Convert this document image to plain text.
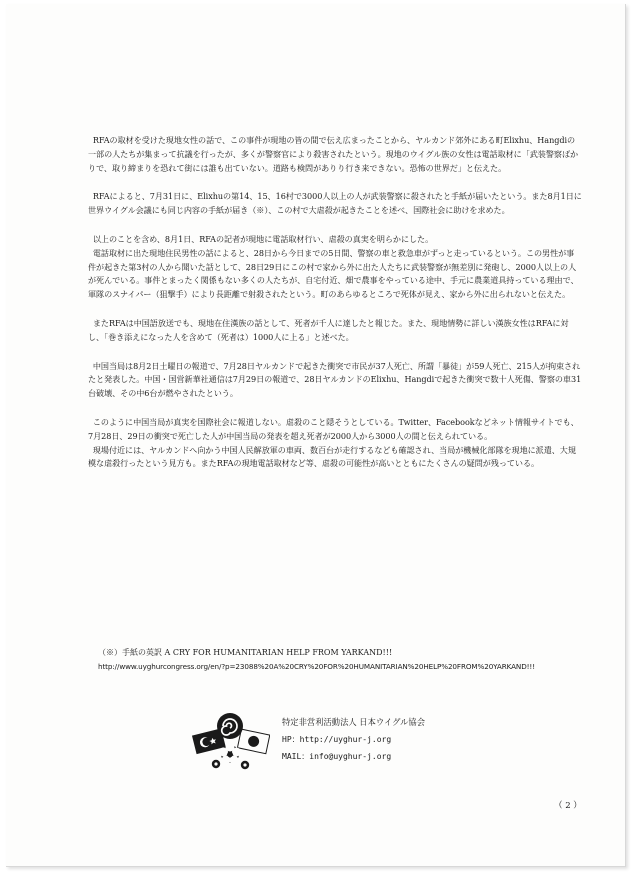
RFAの取材を受けた現地女性の話で、この事件が現地の皆の間で伝え広まったことから、ヤルカンド郊外にある町Elixhu、Hangdiの一部の人たちが集まって抗議を行ったが、多くが警察官により殺害されたという。現地のウイグル族の女性は電話取材に「武装警察ばかりで、取り締まりを恐れて街には誰も出ていない。道路も検問がありり行き来できない。恐怖の世界だ」と伝えた。

RFAによると、7月31日に、Elixhuの第14、15、16村で3000人以上の人が武装警察に殺されたと手紙が届いたという。また8月1日に世界ウイグル会議にも同じ内容の手紙が届き（※）、この村で大虐殺が起きたことを述べ、国際社会に助けを求めた。

以上のことを含め、8月1日、RFAの記者が現地に電話取材行い、虐殺の真実を明らかにした。

電話取材に出た現地住民男性の話によると、28日から今日までの5日間、警察の車と救急車がずっと走っているという。この男性が事件が起きた第3村の人から聞いた話として、28日29日にこの村で家から外に出た人たちに武装警察が無差別に発砲し、2000人以上の人が死んでいる。事件とまったく関係もない多くの人たちが、自宅付近、畑で農事をやっている途中、手元に農業道具持っている理由で、軍隊のスナイパー（狙撃手）により長距離で射殺されたという。町のあらゆるところで死体が見え、家から外に出られないと伝えた。

またRFAは中国語放送でも、現地在住漢族の話として、死者が千人に達したと報じた。また、現地情勢に詳しい漢族女性はRFAに対し、「巻き添えになった人を含めて（死者は）1000人に上る」と述べた。

中国当局は8月2日土曜日の報道で、7月28日ヤルカンドで起きた衝突で市民が37人死亡、所謂「暴徒」が59人死亡、215人が拘束されたと発表した。中国・国営新華社通信は7月29日の報道で、28日ヤルカンドのElixhu、Hangdiで起きた衝突で数十人死傷、警察の車31台破壊、その中6台が燃やされたという。

このように中国当局が真実を国際社会に報道しない。虐殺のこと隠そうとしている。Twitter、Facebookなどネット情報サイトでも、7月28日、29日の衝突で死亡した人が中国当局の発表を超え死者が2000人から3000人の間と伝えられている。

現場付近には、ヤルカンドへ向かう中国人民解放軍の車両、数百台が走行するなども確認され、当局が機械化部隊を現地に派遣、大規模な虐殺行ったという見方も。またRFAの現地電話取材など等、虐殺の可能性が高いとともにたくさんの疑問が残っている。

（※）手紙の英訳 A CRY FOR HUMANITARIAN HELP FROM YARKAND!!!

http://www.uyghurcongress.org/en/?p=23088%20A%20CRY%20FOR%20HUMANITARIAN%20HELP%20FROM%20YARKAND!!!

特定非営利活動法人 日本ウイグル協会
HP：http://uyghur-j.org
MAIL：info@uyghur-j.org
（ 2 ）
